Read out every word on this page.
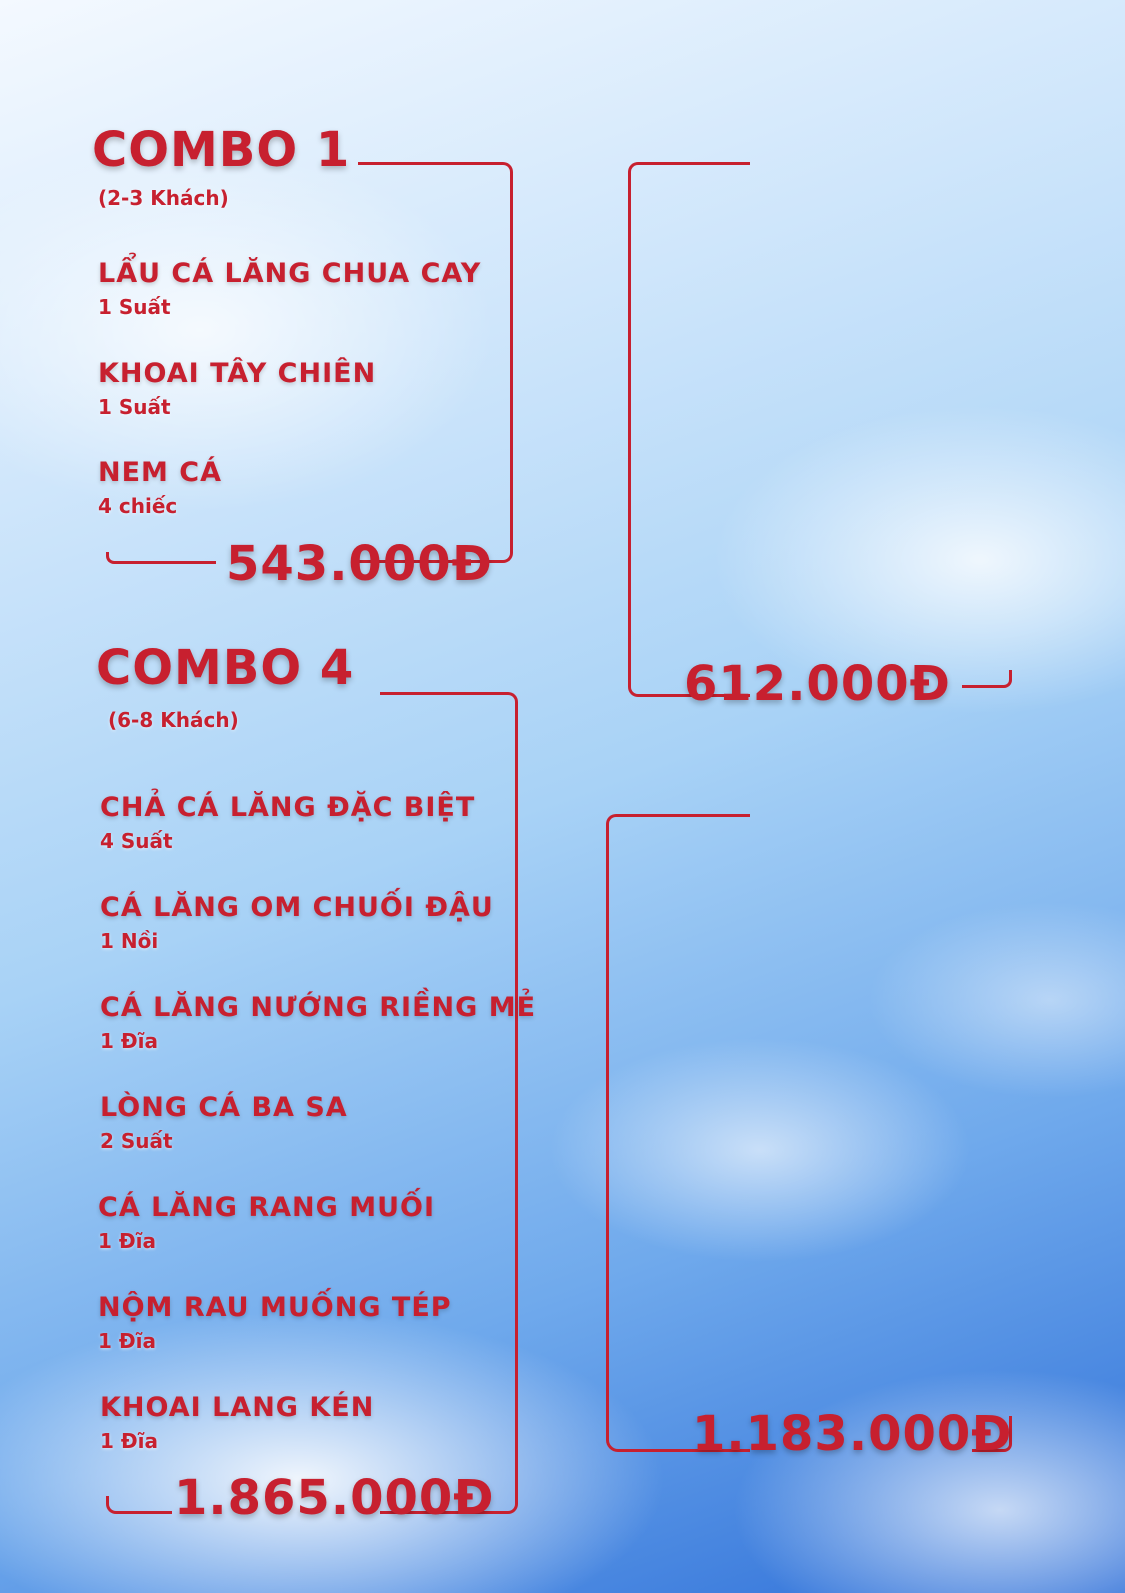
COMBO 1
(2-3 Khách)
LẨU CÁ LĂNG CHUA CAY
1 Suất
KHOAI TÂY CHIÊN
1 Suất
NEM CÁ
4 chiếc
543.000Đ
612.000Đ
COMBO 4
(6-8 Khách)
CHẢ CÁ LĂNG ĐẶC BIỆT
4 Suất
CÁ LĂNG OM CHUỐI ĐẬU
1 Nồi
CÁ LĂNG NƯỚNG RIỀNG MẺ
1 Đĩa
LÒNG CÁ BA SA
2 Suất
CÁ LĂNG RANG MUỐI
1 Đĩa
NỘM RAU MUỐNG TÉP
1 Đĩa
KHOAI LANG KÉN
1 Đĩa
1.865.000Đ
1.183.000Đ
